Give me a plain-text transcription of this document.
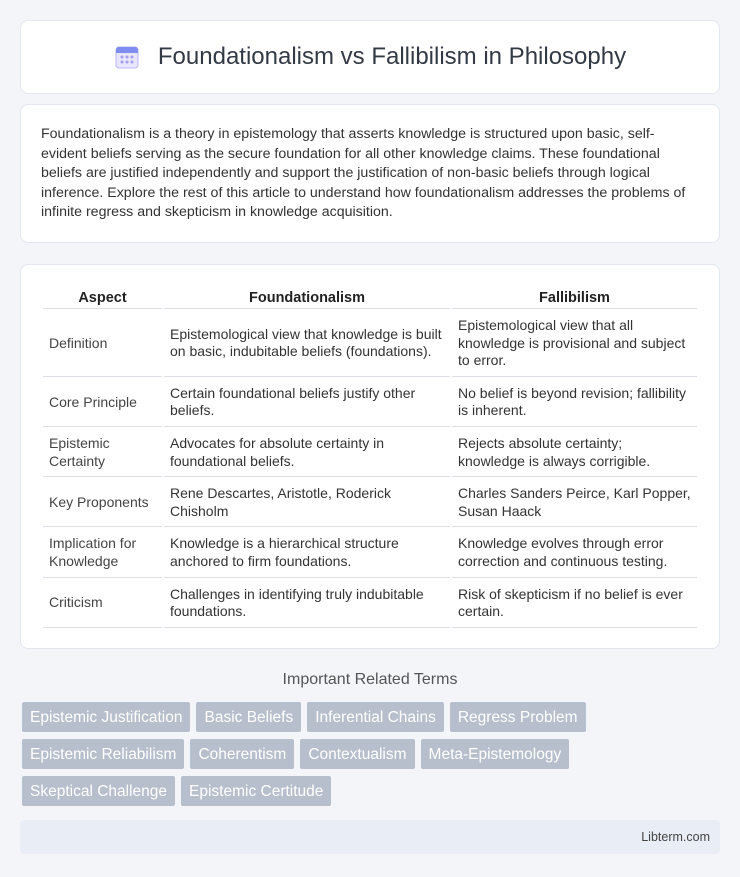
Foundationalism vs Fallibilism in Philosophy

Foundationalism is a theory in epistemology that asserts knowledge is structured upon basic, self-evident beliefs serving as the secure foundation for all other knowledge claims. These foundational beliefs are justified independently and support the justification of non-basic beliefs through logical inference. Explore the rest of this article to understand how foundationalism addresses the problems of infinite regress and skepticism in knowledge acquisition.

Aspect	Foundationalism	Fallibilism
Definition	Epistemological view that knowledge is built on basic, indubitable beliefs (foundations).	Epistemological view that all knowledge is provisional and subject to error.
Core Principle	Certain foundational beliefs justify other beliefs.	No belief is beyond revision; fallibility is inherent.
Epistemic Certainty	Advocates for absolute certainty in foundational beliefs.	Rejects absolute certainty; knowledge is always corrigible.
Key Proponents	Rene Descartes, Aristotle, Roderick Chisholm	Charles Sanders Peirce, Karl Popper, Susan Haack
Implication for Knowledge	Knowledge is a hierarchical structure anchored to firm foundations.	Knowledge evolves through error correction and continuous testing.
Criticism	Challenges in identifying truly indubitable foundations.	Risk of skepticism if no belief is ever certain.
Important Related Terms
Epistemic Justification	Basic Beliefs	Inferential Chains	Regress Problem
Epistemic Reliabilism	Coherentism	Contextualism	Meta-Epistemology
Skeptical Challenge	Epistemic Certitude
Libterm.com
